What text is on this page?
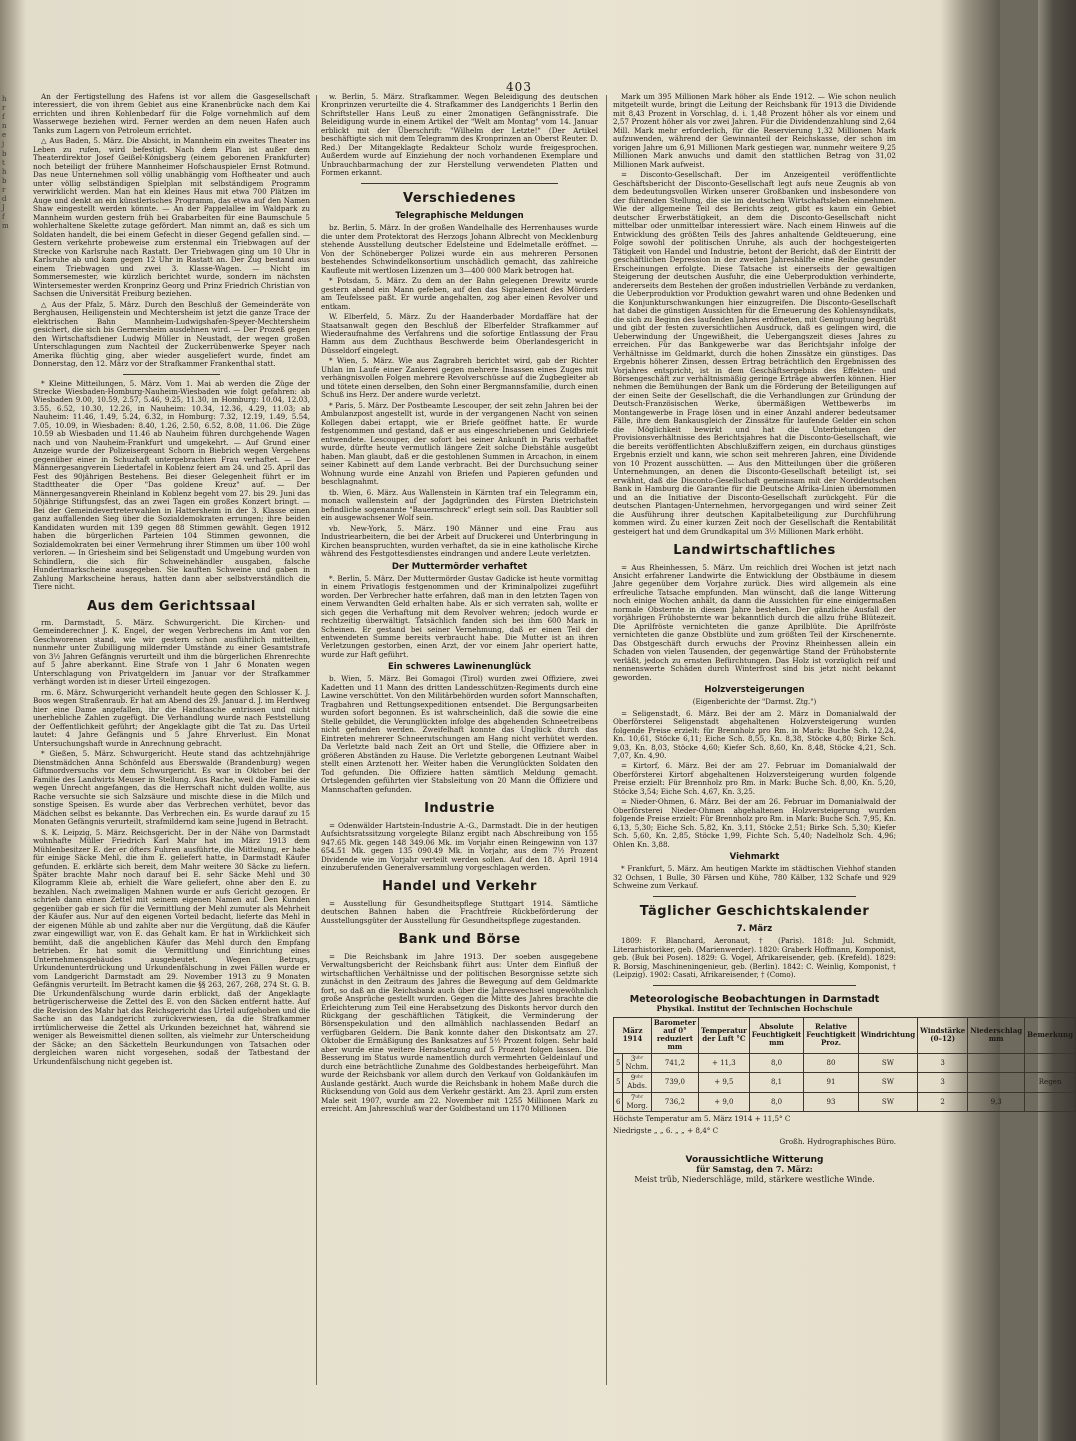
h
r
f
n
e
j
b
t
h
b
r
d
J
f
m
403

An der Fertigstellung des Hafens ist vor allem die Gasgesellschaft interessiert, die von ihrem Gebiet aus eine Kranenbrücke nach dem Kai errichten und ihren Kohlenbedarf für die Folge vornehmlich auf dem Wasserwege beziehen wird. Ferner werden an dem neuen Hafen auch Tanks zum Lagern von Petroleum errichtet.

△ Aus Baden, 5. März. Die Absicht, in Mannheim ein zweites Theater ins Leben zu rufen, wird befestigt. Nach dem Plan ist außer dem Theaterdirektor Josef Geißel-Königsberg (einem geborenen Frankfurter) noch beteiligt der frühere Mannheimer Hofschauspieler Ernst Rotmund. Das neue Unternehmen soll völlig unabhängig vom Hoftheater und auch unter völlig selbständigen Spielplan mit selbständigem Programm verwirklicht werden. Man hat ein kleines Haus mit etwa 700 Plätzen im Auge und denkt an ein künstlerisches Programm, das etwa auf den Namen Shaw eingestellt werden könnte. — An der Pappelallee im Waldpark zu Mannheim wurden gestern früh bei Grabarbeiten für eine Baumschule 5 wohlerhaltene Skelette zutage gefördert. Man nimmt an, daß es sich um Soldaten handelt, die bei einem Gefecht in dieser Gegend gefallen sind. — Gestern verkehrte probeweise zum erstenmal ein Triebwagen auf der Strecke von Karlsruhe nach Rastatt. Der Triebwagen ging um 10 Uhr in Karlsruhe ab und kam gegen 12 Uhr in Rastatt an. Der Zug bestand aus einem Triebwagen und zwei 3. Klasse-Wagen. — Nicht im Sommersemester, wie kürzlich berichtet wurde, sondern im nächsten Wintersemester werden Kronprinz Georg und Prinz Friedrich Christian von Sachsen die Universität Freiburg beziehen.

△ Aus der Pfalz, 5. März. Durch den Beschluß der Gemeinderäte von Berghausen, Heiligenstein und Mechtersheim ist jetzt die ganze Trace der elektrischen Bahn Mannheim-Ludwigshafen-Speyer-Mechtersheim gesichert, die sich bis Germersheim ausdehnen wird. — Der Prozeß gegen den Wirtschaftsdiener Ludwig Müller in Neustadt, der wegen großen Unterschlagungen zum Nachteil der Zuckerrübenwerke Speyer nach Amerika flüchtig ging, aber wieder ausgeliefert wurde, findet am Donnerstag, den 12. März vor der Strafkammer Frankenthal statt.

* Kleine Mitteilungen, 5. März. Vom 1. Mai ab werden die Züge der Strecke Wiesbaden-Homburg-Nauheim-Wiesbaden wie folgt gefahren: ab Wiesbaden 9.00, 10.59, 2.57, 5.46, 9.25, 11.30, in Homburg: 10.04, 12.03, 3.55, 6.52, 10.30, 12.26, in Nauheim: 10.34, 12.36, 4.29, 11.03; ab Nauheim: 11.46, 1.49, 5.24, 6.32, in Homburg: 7.32, 12.19, 1.49, 5.54, 7.05, 10.09, in Wiesbaden: 8.40, 1.26, 2.50, 6.52, 8.08, 11.06. Die Züge 10.59 ab Wiesbaden und 11.46 ab Nauheim führen durchgehende Wagen nach und von Nauheim-Frankfurt und umgekehrt. — Auf Grund einer Anzeige wurde der Polizeisergeant Schorn in Biebrich wegen Vergehens gegenüber einer in Schuzhaft untergebrachten Frau verhaftet. — Der Männergesangverein Liedertafel in Koblenz feiert am 24. und 25. April das Fest des 90jährigen Bestehens. Bei dieser Gelegenheit führt er im Stadttheater die Oper "Das goldene Kreuz" auf. — Der Männergesangverein Rheinland in Koblenz begeht vom 27. bis 29. Juni das 50jährige Stiftungsfest, das an zwei Tagen ein großes Konzert bringt. — Bei der Gemeindevertreterwahlen in Hattersheim in der 3. Klasse einen ganz auffallenden Sieg über die Sozialdemokraten errungen; ihre beiden Kandidaten wurden mit 139 gegen 88 Stimmen gewählt. Gegen 1912 haben die bürgerlichen Parteien 104 Stimmen gewonnen, die Sozialdemokraten bei einer Vermehrung ihrer Stimmen um über 100 wohl verloren. — In Griesheim sind bei Seligenstadt und Umgebung wurden von Schindlern, die sich für Schweinehändler ausgaben, falsche Hundertmarkscheine ausgegeben. Sie kauften Schweine und gaben in Zahlung Markscheine heraus, hatten dann aber selbstverständlich die Tiere nicht.

Aus dem Gerichtssaal

rm. Darmstadt, 5. März. Schwurgericht. Die Kirchen- und Gemeinderechner J. K. Engel, der wegen Verbrechens im Amt vor den Geschworenen stand, wie wir gestern schon ausführlich mitteilten, nunmehr unter Zubilligung mildernder Umstände zu einer Gesamtstrafe von 3½ Jahren Gefängnis verurteilt und ihm die bürgerlichen Ehrenrechte auf 5 Jahre aberkannt. Eine Strafe von 1 Jahr 6 Monaten wegen Unterschlagung von Privatgeldern im Januar vor der Strafkammer verhängt worden ist in dieser Urteil eingezogen.

rm. 6. März. Schwurgericht verhandelt heute gegen den Schlosser K. J. Boos wegen Straßenraub. Er hat am Abend des 29. Januar d. J. im Herdweg hier eine Dame angefallen, ihr die Handtasche entrissen und nicht unerhebliche Zahlen zugefügt. Die Verhandlung wurde nach Feststellung der Oeffentlichkeit geführt; der Angeklagte gibt die Tat zu. Das Urteil lautet: 4 Jahre Gefängnis und 5 Jahre Ehrverlust. Ein Monat Untersuchungshaft wurde in Anrechnung gebracht.

* Gießen, 5. März. Schwurgericht. Heute stand das achtzehnjährige Dienstmädchen Anna Schönfeld aus Eberswalde (Brandenburg) wegen Giftmordversuchs vor dem Schwurgericht. Es war in Oktober bei der Familie des Landwirts Meuser in Stellung. Aus Rache, weil die Familie sie wegen Unrecht angefangen, das die Herrschaft nicht dulden wollte, aus Rache versuchte sie sich Salzsäure und mischte diese in die Milch und sonstige Speisen. Es wurde aber das Verbrechen verhütet, bevor das Mädchen selbst es bekannte. Das Verbrechen ein. Es wurde darauf zu 15 Monaten Gefängnis verurteilt, strafmildernd kam seine Jugend in Betracht.

S. K. Leipzig, 5. März. Reichsgericht. Der in der Nähe von Darmstadt wohnhafte Müller Friedrich Karl Mahr hat im März 1913 dem Mühlenbesitzer E. der er öfters Fuhren ausführte, die Mitteilung, er habe für einige Säcke Mehl, die ihm E. geliefert hatte, in Darmstadt Käufer gefunden. E. erklärte sich bereit, dem Mahr weitere 30 Säcke zu liefern. Später brachte Mahr noch darauf bei E. sehr Säcke Mehl und 30 Kilogramm Kleie ab, erhielt die Ware geliefert, ohne aber den E. zu bezahlen. Nach zweimaligen Mahnen wurde er aufs Gericht gezogen. Er schrieb dann einen Zettel mit seinem eigenen Namen auf. Den Kunden gegenüber gab er sich für die Vermittlung der Mehl zumuter als Mehrheit der Käufer aus. Nur auf den eigenen Vorteil bedacht, lieferte das Mehl in der eigenen Mühle ab und zahlte aber nur die Vergütung, daß die Käufer zwar eingewilligt war, von E. das Gehalt kam. Er hat in Wirklichkeit sich bemüht, daß die angeblichen Käufer das Mehl durch den Empfang betrieben. Er hat somit die Vermittlung und Einrichtung eines Unternehmensgebäudes ausgebeutet. Wegen Betrugs, Urkundenunterdrückung und Urkundenfälschung in zwei Fällen wurde er vom Landgericht Darmstadt am 29. November 1913 zu 9 Monaten Gefängnis verurteilt. Im Betracht kamen die §§ 263, 267, 268, 274 St. G. B. Die Urkundenfälschung wurde darin erblickt, daß der Angeklagte betrügerischerweise die Zettel des E. von den Säcken entfernt hatte. Auf die Revision des Mahr hat das Reichsgericht das Urteil aufgehoben und die Sache an das Landgericht zurückverwiesen, da die Strafkammer irrtümlicherweise die Zettel als Urkunden bezeichnet hat, während sie weniger als Beweismittel dienen sollten, als vielmehr zur Unterscheidung der Säcke; an den Säcketteln Beurkundungen von Tatsachen oder dergleichen waren nicht vorgesehen, sodaß der Tatbestand der Urkundenfälschung nicht gegeben ist.

w. Berlin, 5. März. Strafkammer. Wegen Beleidigung des deutschen Kronprinzen verurteilte die 4. Strafkammer des Landgerichts 1 Berlin den Schriftsteller Hans Leuß zu einer 2monatigen Gefängnisstrafe. Die Beleidigung wurde in einem Artikel der "Welt am Montag" vom 14. Januar erblickt mit der Überschrift: "Wilhelm der Letzte!" (Der Artikel beschäftigte sich mit dem Telegramm des Kronprinzen an Oberst Reuter. D. Red.) Der Mitangeklagte Redakteur Scholz wurde freigesprochen. Außerdem wurde auf Einziehung der noch vorhandenen Exemplare und Unbrauchbarmachung der zur Herstellung verwendeten Platten und Formen erkannt.

Verschiedenes
Telegraphische Meldungen

bz. Berlin, 5. März. In der großen Wandelhalle des Herrenhauses wurde die unter dem Protektorat des Herzogs Johann Albrecht von Mecklenburg stehende Ausstellung deutscher Edelsteine und Edelmetalle eröffnet. — Von der Schöneberger Polizei wurde ein aus mehreren Personen bestehendes Schwindelkonsortium unschädlich gemacht, das zahlreiche Kaufleute mit wertlosen Lizenzen um 3—400 000 Mark betrogen hat.

* Potsdam, 5. März. Zu dem an der Bahn gelegenen Drewitz wurde gestern abend ein Mann gefeben, auf den das Signalement des Mörders am Teufelssee paßt. Er wurde angehalten, zog aber einen Revolver und entkam.

W. Elberfeld, 5. März. Zu der Haanderbader Mordaffäre hat der Staatsanwalt gegen den Beschluß der Elberfelder Strafkammer auf Wiederaufnahme des Verfahrens und die sofortige Entlassung der Frau Hamm aus dem Zuchthaus Beschwerde beim Oberlandesgericht in Düsseldorf eingelegt.

* Wien, 5. März. Wie aus Zagrabreh berichtet wird, gab der Richter Uhlan im Laufe einer Zankerei gegen mehrere Insassen eines Zuges mit verhängnisvollen Folgen mehrere Revolverschüsse auf die Zugbegleiter ab und tötete einen derselben, den Sohn einer Bergmannsfamilie, durch einen Schuß ins Herz. Der andere wurde verletzt.

* Paris, 5. März. Der Postbeamte Lescouper, der seit zehn Jahren bei der Ambulanzpost angestellt ist, wurde in der vergangenen Nacht von seinen Kollegen dabei ertappt, wie er Briefe geöffnet hatte. Er wurde festgenommen und gestand, daß er aus eingeschriebenen und Geldbriefe entwendete. Lescouper, der sofort bei seiner Ankunft in Paris verhaftet wurde, dürfte heute vermutlich längere Zeit solche Diebstähle ausgeübt haben. Man glaubt, daß er die gestohlenen Summen in Arcachon, in einem seiner Kabinett auf dem Lande verbracht. Bei der Durchsuchung seiner Wohnung wurde eine Anzahl von Briefen und Papieren gefunden und beschlagnahmt.

tb. Wien, 6. März. Aus Wallenstein in Kärnten traf ein Telegramm ein, monach wallenstein auf der Jagdgründen des Fürsten Dietrichstein befindliche sogenannte "Bauernschreck" erlegt sein soll. Das Raubtier soll ein ausgewachsener Wolf sein.

vb. New-York, 5. März. 190 Männer und eine Frau aus Industriearbeitern, die bei der Arbeit auf Druckerei und Unterbringung in Kirchen beanspruchten, wurden verhaftet, da sie in eine katholische Kirche während des Festgottesdienstes eindrangen und andere Leute verletzten.

Der Muttermörder verhaftet

*. Berlin, 5. März. Der Muttermörder Gustav Gadicke ist heute vormittag in einem Privatlogis festgenommen und der Kriminalpolizei zugeführt worden. Der Verbrecher hatte erfahren, daß man in den letzten Tagen von einem Verwandten Geld erhalten habe. Als er sich verraten sah, wollte er sich gegen die Verhaftung mit dem Revolver wehren; jedoch wurde er rechtzeitig überwältigt. Tatsächlich fanden sich bei ihm 600 Mark in Scheinen. Er gestand bei seiner Vernehmung, daß er einen Teil der entwendeten Summe bereits verbraucht habe. Die Mutter ist an ihren Verletzungen gestorben, einen Arzt, der vor einem Jahr operiert hatte, wurde zur Haft geführt.

Ein schweres Lawinenunglück

b. Wien, 5. März. Bei Gomagoi (Tirol) wurden zwei Offiziere, zwei Kadetten und 11 Mann des dritten Landesschützen-Regiments durch eine Lawine verschüttet. Von den Militärbehörden wurden sofort Mannschaften, Tragbahren und Rettungsexpeditionen entsendet. Die Bergungsarbeiten wurden sofort begonnen. Es ist wahrscheinlich, daß die sowie die eine Stelle gebildet, die Verunglückten infolge des abgehenden Schneetreibens nicht gefunden werden. Zweifelhaft konnte das Unglück durch das Eintreten mehrerer Schneerutschungen am Hang nicht verhütet werden. Da Verletzte bald nach Zeit an Ort und Stelle, die Offiziere aber in größeren Abständen zu Hause. Die Verletzte geborgenen Leutnant Waibel stellt einen Arztenott her. Weiter haben die Verunglückten Soldaten den Tod gefunden. Die Offiziere hatten sämtlich Meldung gemacht. Ortslegenden geführten vier Stabsleitung von 20 Mann die Offiziere und Mannschaften gefunden.

Industrie

= Odenwälder Hartstein-Industrie A.-G., Darmstadt. Die in der heutigen Aufsichtsratssitzung vorgelegte Bilanz ergibt nach Abschreibung von 155 947.65 Mk. gegen 148 349.06 Mk. im Vorjahr einen Reingewinn von 137 654.51 Mk. gegen 135 090.49 Mk. in Vorjahr, aus dem 7½ Prozent Dividende wie im Vorjahr verteilt werden sollen. Auf den 18. April 1914 einzuberufenden Generalversammlung vorgeschlagen werden.

Handel und Verkehr

= Ausstellung für Gesundheitspflege Stuttgart 1914. Sämtliche deutschen Bahnen haben die Frachtfreie Rückbeförderung der Ausstellungsgüter der Ausstellung für Gesundheitspflege zugestanden.

Bank und Börse

= Die Reichsbank im Jahre 1913. Der soeben ausgegebene Verwaltungsbericht der Reichsbank führt aus: Unter dem Einfluß der wirtschaftlichen Verhältnisse und der politischen Besorgnisse setzte sich zunächst in den Zeitraum des Jahres die Bewegung auf dem Geldmarkte fort, so daß an die Reichsbank auch über die Jahreswechsel ungewöhnlich große Ansprüche gestellt wurden. Gegen die Mitte des Jahres brachte die Erleichterung zum Teil eine Herabsetzung des Diskonts hervor durch den Rückgang der geschäftlichen Tätigkeit, die Verminderung der Börsenspekulation und den allmählich nachlassenden Bedarf an verfügbaren Geldern. Die Bank konnte daher den Diskontsatz am 27. Oktober die Ermäßigung des Banksatzes auf 5½ Prozent folgen. Sehr bald aber wurde eine weitere Herabsetzung auf 5 Prozent folgen lassen. Die Besserung im Status wurde namentlich durch vermehrten Geldeinlauf und durch eine beträchtliche Zunahme des Goldbestandes herbeigeführt. Man wurde der Reichsbank vor allem durch den Verkauf von Goldankäufen im Auslande gestärkt. Auch wurde die Reichsbank in hohem Maße durch die Rücksendung von Gold aus dem Verkehr gestärkt. Am 23. April zum ersten Male seit 1907, wurde am 22. November mit 1255 Millionen Mark zu erreicht. Am Jahresschluß war der Goldbestand um 1170 Millionen

Mark um 395 Millionen Mark höher als Ende 1912. — Wie schon neulich mitgeteilt wurde, bringt die Leitung der Reichsbank für 1913 die Dividende mit 8,43 Prozent in Vorschlag, d. i. 1,48 Prozent höher als vor einem und 2,57 Prozent höher als vor zwei Jahren. Für die Dividendenzahlung sind 2,64 Mill. Mark mehr erforderlich, für die Reservierung 1,32 Millionen Mark aufzuwenden, während der Gewinnanteil der Reichskasse, der schon im vorigen Jahre um 6,91 Millionen Mark gestiegen war, nunmehr weitere 9,25 Millionen Mark anwuchs und damit den stattlichen Betrag von 31,02 Millionen Mark aufweist.

= Disconto-Gesellschaft. Der im Anzeigenteil veröffentlichte Geschäftsbericht der Disconto-Gesellschaft legt aufs neue Zeugnis ab von dem bedeutungsvollen Wirken unserer Großbanken und insbesondere von der führenden Stellung, die sie im deutschen Wirtschaftsleben einnehmen. Wie der allgemeine Teil des Berichts zeigt, gibt es kaum ein Gebiet deutscher Erwerbstätigkeit, an dem die Disconto-Gesellschaft nicht mittelbar oder unmittelbar interessiert wäre. Nach einem Hinweis auf die Entwicklung des größten Teils des Jahres anhaltende Geldteuerung, eine Folge sowohl der politischen Unruhe, als auch der hochgesteigerten Tätigkeit von Handel und Industrie, betont der Bericht, daß der Eintritt der geschäftlichen Depression in der zweiten Jahreshälfte eine Reihe gesunder Erscheinungen erfolgte. Diese Tatsache ist einerseits der gewaltigen Steigerung der deutschen Ausfuhr, die eine Ueberproduktion verhinderte, andererseits dem Bestehen der großen industriellen Verbände zu verdanken, die Ueberproduktion vor Produktion gewahrt waren und ohne Bedenken und die Konjunkturschwankungen hier einzugreifen. Die Disconto-Gesellschaft hat dabei die günstigen Aussichten für die Erneuerung des Kohlensyndikats, die sich zu Beginn des laufenden Jahres eröffneten, mit Genugtuung begrüßt und gibt der festen zuversichtlichen Ausdruck, daß es gelingen wird, die Ueberwindung der Ungewißheit, die Uebergangszeit dieses Jahres zu erreichen. Für das Bankgewerbe war das Berichtsjahr infolge der Verhältnisse im Geldmarkt, durch die hohen Zinssätze ein günstiges. Das Ergebnis höherer Zinsen, dessen Ertrag beträchtlich den Ergebnissen des Vorjahres entspricht, ist in dem Geschäftsergebnis des Effekten- und Börsengeschäft zur verhältnismäßig geringe Erträge abwerfen können. Hier nehmen die Bemühungen der Bank um die Förderung der Beteiligungen auf der einen Seite der Gesellschaft, die die Verhandlungen zur Gründung der Deutsch-Französischen Werke, übermäßigen Wettbewerbs im Montangewerbe in Frage lösen und in einer Anzahl anderer bedeutsamer Fälle, ihre dem Bankausgleich der Zinssätze für laufende Gelder ein schon die Möglichkeit bewirkt und hat die Unterbietungen der Provisionsverhältnisse des Berichtsjahres hat die Disconto-Gesellschaft, wie die bereits veröffentlichten Abschlußziffern zeigen, ein durchaus günstiges Ergebnis erzielt und kann, wie schon seit mehreren Jahren, eine Dividende von 10 Prozent ausschütten. — Aus den Mitteilungen über die größeren Unternehmungen, an denen die Disconto-Gesellschaft beteiligt ist, sei erwähnt, daß die Disconto-Gesellschaft gemeinsam mit der Norddeutschen Bank in Hamburg die Garantie für die Deutsche Afrika-Linien übernommen und an die Initiative der Disconto-Gesellschaft zurückgeht. Für die deutschen Plantagen-Unternehmen, hervorgegangen und wird seiner Zeit die Ausführung ihrer deutschen Kapitalbeteiligung zur Durchführung kommen wird. Zu einer kurzen Zeit noch der Gesellschaft die Rentabilität gesteigert hat und dem Grundkapital um 3½ Millionen Mark erhöht.

Landwirtschaftliches

= Aus Rheinhessen, 5. März. Um reichlich drei Wochen ist jetzt nach Ansicht erfahrener Landwirte die Entwicklung der Obstbäume in diesem Jahre gegenüber dem Vorjahre zurück. Dies wird allgemein als eine erfreuliche Tatsache empfunden. Man wünscht, daß die lange Witterung noch einige Wochen anhält, da dann die Aussichten für eine einigermaßen normale Obsternte in diesem Jahre bestehen. Der gänzliche Ausfall der vorjährigen Frühobsternte war bekanntlich durch die allzu frühe Blütezeit. Die Aprilfröste vernichteten die ganze Aprilblüte. Die Aprilfröste vernichteten die ganze Obstblüte und zum größten Teil der Kirschenernte. Das Obstgeschäft durch erwuchs der Provinz Rheinhessen allein ein Schaden von vielen Tausenden, der gegenwärtige Stand der Frühobsternte verläßt, jedoch zu ernsten Befürchtungen. Das Holz ist vorzüglich reif und nennenswerte Schäden durch Winterfrost sind bis jetzt nicht bekannt geworden.

Holzversteigerungen
(Eigenberichte der "Darmst. Ztg.")

= Seligenstadt, 6. März. Bei der am 2. März in Domanialwald der Oberförsterei Seligenstadt abgehaltenen Holzversteigerung wurden folgende Preise erzielt: für Brennholz pro Rm. in Mark: Buche Sch. 12,24, Kn. 10,61, Stöcke 6,11; Eiche Sch. 8,55, Kn. 8,38, Stöcke 4,80; Birke Sch. 9,03, Kn. 8,03, Stöcke 4,60; Kiefer Sch. 8,60, Kn. 8,48, Stöcke 4,21, Sch. 7,07, Kn. 4,90.

= Kirtorf, 6. März. Bei der am 27. Februar im Domanialwald der Oberförsterei Kirtorf abgehaltenen Holzversteigerung wurden folgende Preise erzielt: Für Brennholz pro Rm. in Mark: Buche Sch. 8,00, Kn. 5,20, Stöcke 3,54; Eiche Sch. 4,67, Kn. 3,25.

= Nieder-Ohmen, 6. März. Bei der am 26. Februar im Domanialwald der Oberförsterei Nieder-Ohmen abgehaltenen Holzversteigerung wurden folgende Preise erzielt: Für Brennholz pro Rm. in Mark: Buche Sch. 7,95, Kn. 6,13, 5,30; Eiche Sch. 5,82, Kn. 3,11, Stöcke 2,51; Birke Sch. 5,30; Kiefer Sch. 5,60, Kn. 2,85, Stöcke 1,99, Fichte Sch. 5,40; Nadelholz Sch. 4,96; Ohlen Kn. 3,88.

Viehmarkt

* Frankfurt, 5. März. Am heutigen Markte im städtischen Viehhof standen 32 Ochsen, 1 Bulle, 30 Färsen und Kühe, 780 Kälber, 132 Schafe und 929 Schweine zum Verkauf.

Täglicher Geschichtskalender
7. März

1809: F. Blanchard, Aeronaut, † (Paris). 1818: Jul. Schmidt, Literarhistoriker, geb. (Marienwerder). 1820: Graberk Hoffmann, Komponist, geb. (Buk bei Posen). 1829: G. Vogel, Afrikareisender, geb. (Krefeld). 1829: R. Borsig, Maschineningenieur, geb. (Berlin). 1842: C. Weinlig, Komponist, † (Leipzig). 1902: Casati, Afrikareisender, † (Como).

Meteorologische Beobachtungen in Darmstadt
Physikal. Institut der Technischen Hochschule
März 1914		Barometer auf 0° reduziert mm	Temperatur der Luft °C	Absolute Feuchtigkeit mm	Relative Feuchtigkeit Proz.	Windrichtung	Windstärke (0–12)	Niederschlag mm	Bemerkung
5	3ᵘʰʳ Nchm.	741,2	+ 11,3	8,0	80	SW	3		
5	9ᵘʰʳ Abds.	739,0	+ 9,5	8,1	91	SW	3		Regen
6	7ᵘʰʳ Morg.	736,2	+ 9,0	8,0	93	SW	2	9,3	
Höchste Temperatur am 5. März 1914 + 11,5° C
Niedrigste „ „ 6. „ „ + 8,4° C
Großh. Hydrographisches Büro.
Voraussichtliche Witterung
für Samstag, den 7. März:
Meist trüb, Niederschläge, mild, stärkere westliche Winde.
